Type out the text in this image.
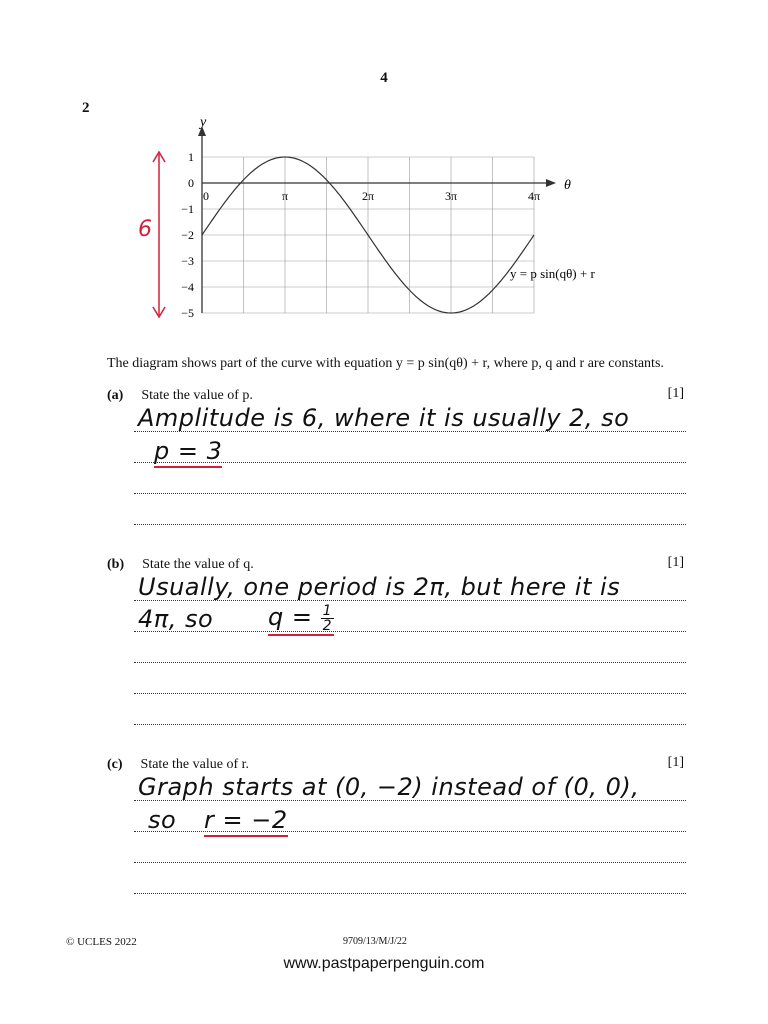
4
2
1
0
−1
−2
−3
−4
−5
0	π	2π	3π	4π
y
θ
y = p sin(qθ) + r
6
The diagram shows part of the curve with equation y = p sin(qθ) + r, where p, q and r are constants.
(a) State the value of p.	[1]
Amplitude is 6, where it is usually 2, so
p = 3
(b) State the value of q.	[1]
Usually, one period is 2π, but here it is
4π, so $q = \frac{1}{2}$
(c) State the value of r.	[1]
Graph starts at (0, −2) instead of (0, 0),
so r = −2
© UCLES 2022	9709/13/M/J/22
www.pastpaperpenguin.com
